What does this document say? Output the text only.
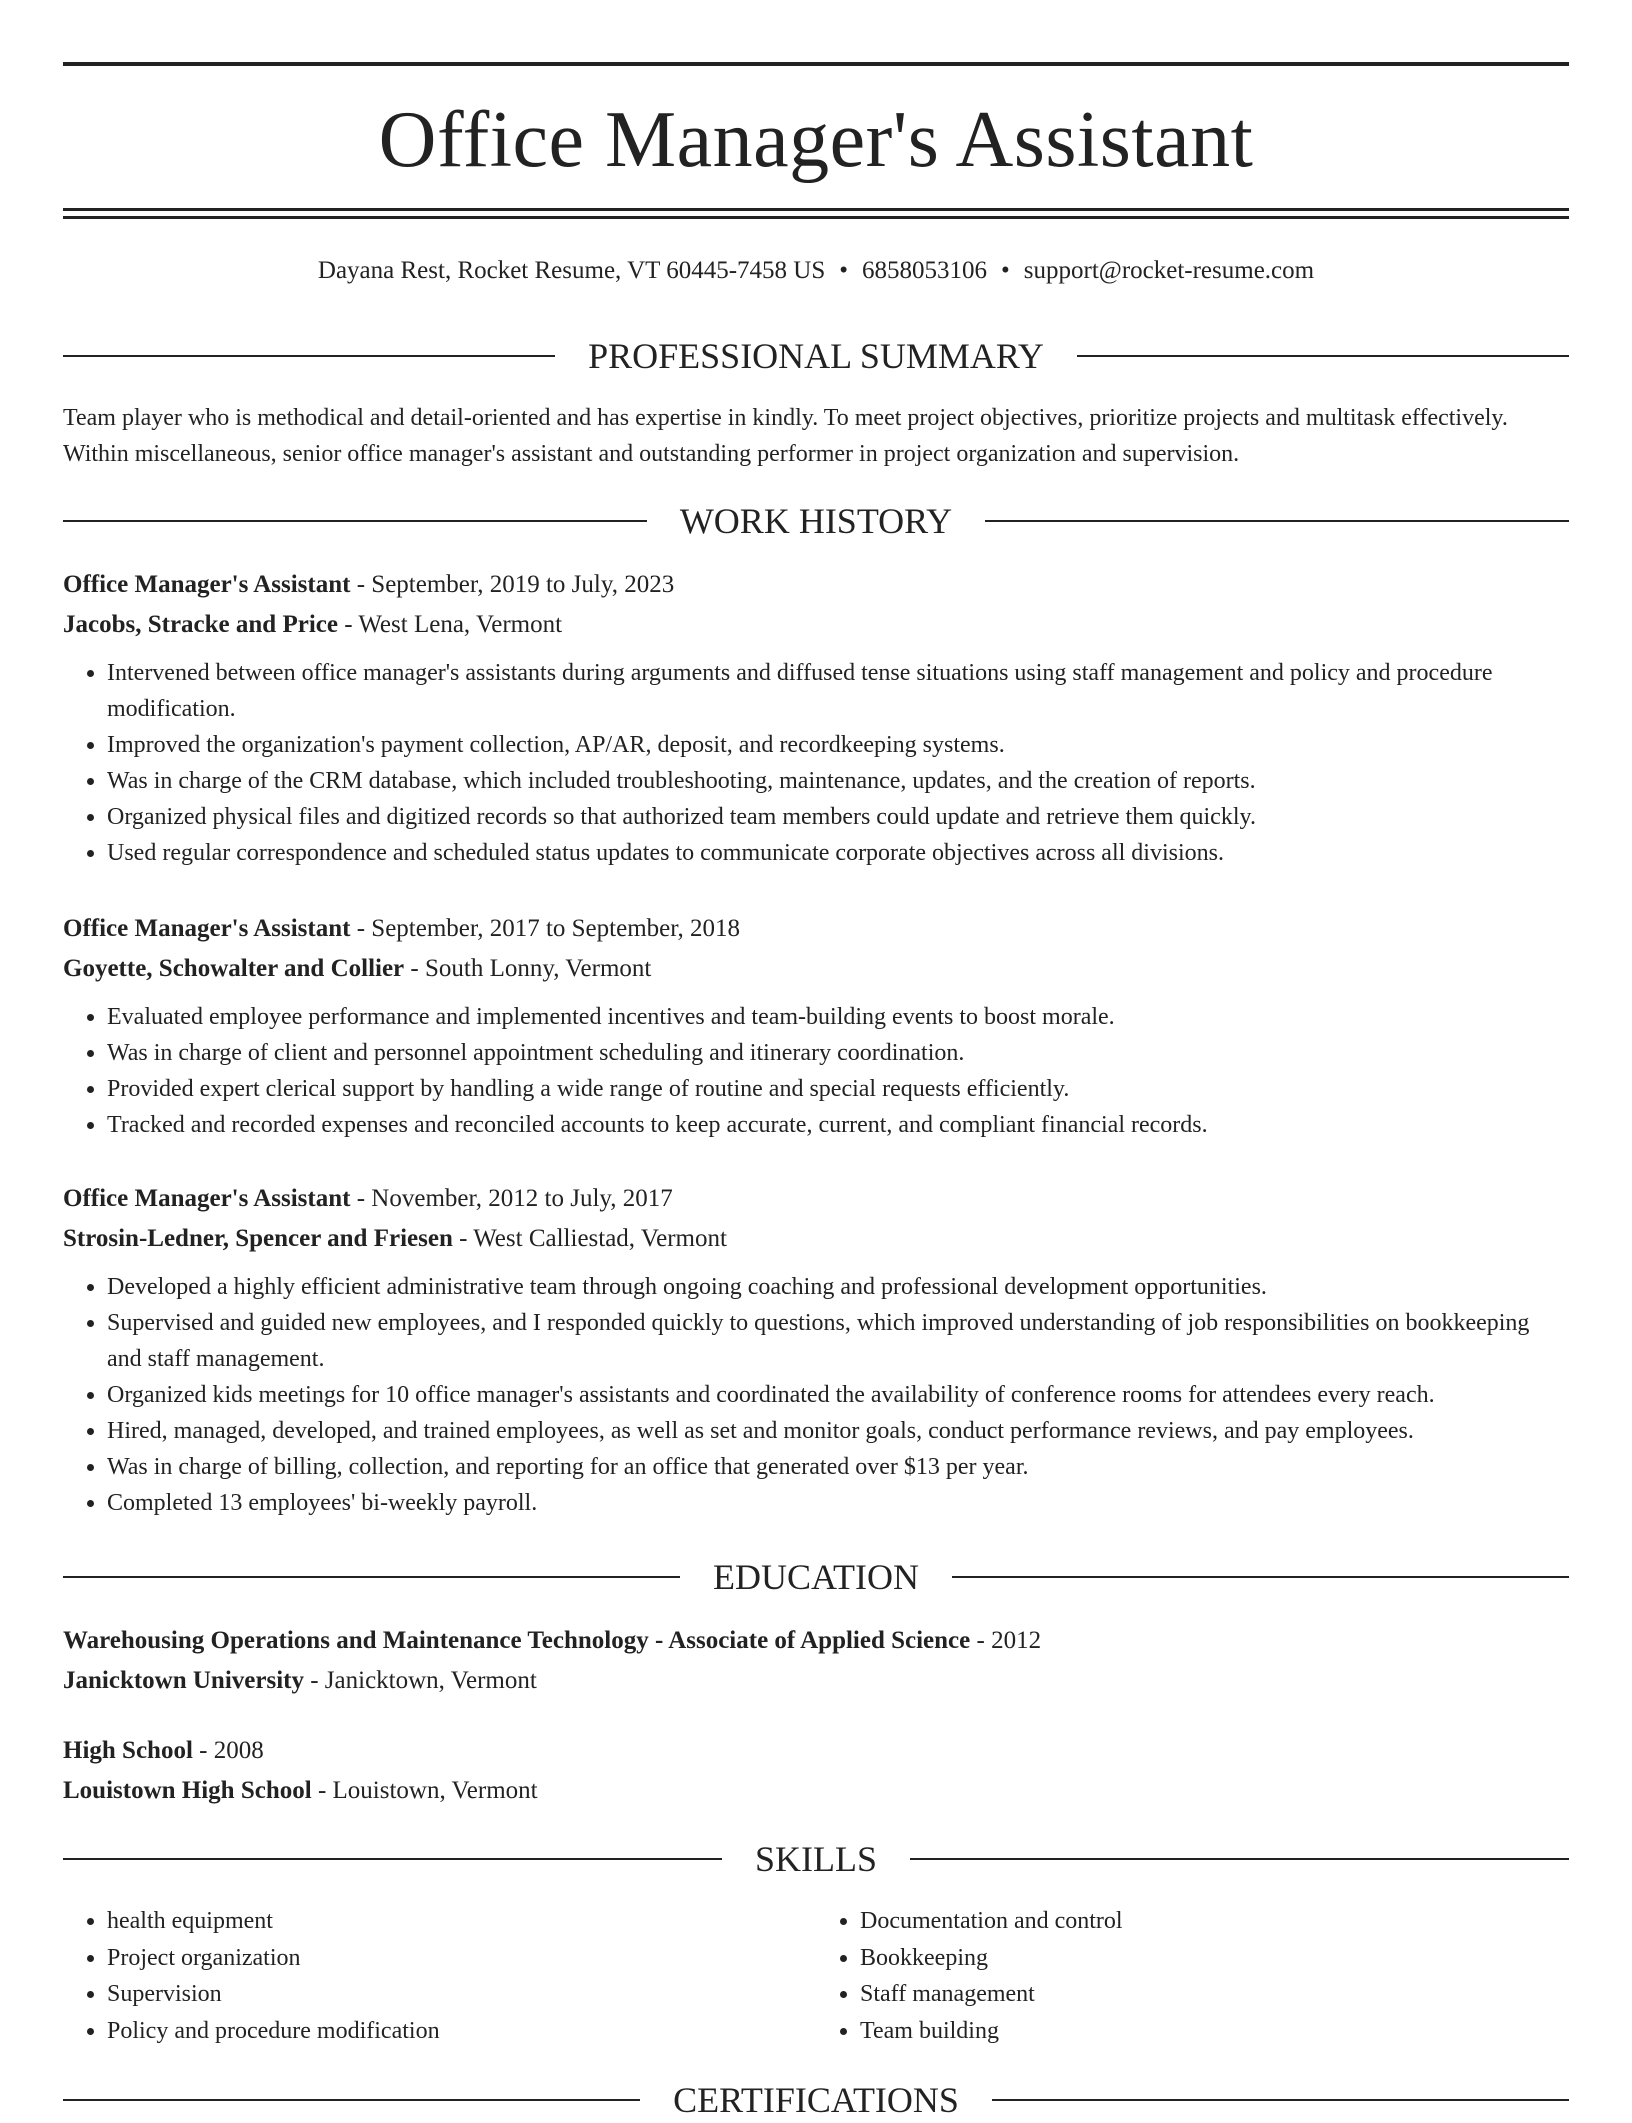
Office Manager's Assistant
Dayana Rest, Rocket Resume, VT 60445-7458 US • 6858053106 • support@rocket-resume.com
PROFESSIONAL SUMMARY
Team player who is methodical and detail-oriented and has expertise in kindly. To meet project objectives, prioritize projects and multitask effectively. Within miscellaneous, senior office manager's assistant and outstanding performer in project organization and supervision.
WORK HISTORY
Office Manager's Assistant - September, 2019 to July, 2023
Jacobs, Stracke and Price - West Lena, Vermont
• Intervened between office manager's assistants during arguments and diffused tense situations using staff management and policy and procedure modification.
• Improved the organization's payment collection, AP/AR, deposit, and recordkeeping systems.
• Was in charge of the CRM database, which included troubleshooting, maintenance, updates, and the creation of reports.
• Organized physical files and digitized records so that authorized team members could update and retrieve them quickly.
• Used regular correspondence and scheduled status updates to communicate corporate objectives across all divisions.
Office Manager's Assistant - September, 2017 to September, 2018
Goyette, Schowalter and Collier - South Lonny, Vermont
• Evaluated employee performance and implemented incentives and team-building events to boost morale.
• Was in charge of client and personnel appointment scheduling and itinerary coordination.
• Provided expert clerical support by handling a wide range of routine and special requests efficiently.
• Tracked and recorded expenses and reconciled accounts to keep accurate, current, and compliant financial records.
Office Manager's Assistant - November, 2012 to July, 2017
Strosin-Ledner, Spencer and Friesen - West Calliestad, Vermont
• Developed a highly efficient administrative team through ongoing coaching and professional development opportunities.
• Supervised and guided new employees, and I responded quickly to questions, which improved understanding of job responsibilities on bookkeeping and staff management.
• Organized kids meetings for 10 office manager's assistants and coordinated the availability of conference rooms for attendees every reach.
• Hired, managed, developed, and trained employees, as well as set and monitor goals, conduct performance reviews, and pay employees.
• Was in charge of billing, collection, and reporting for an office that generated over $13 per year.
• Completed 13 employees' bi-weekly payroll.
EDUCATION
Warehousing Operations and Maintenance Technology - Associate of Applied Science - 2012
Janicktown University - Janicktown, Vermont
High School - 2008
Louistown High School - Louistown, Vermont
SKILLS
• health equipment
• Project organization
• Supervision
• Policy and procedure modification
• Documentation and control
• Bookkeeping
• Staff management
• Team building
CERTIFICATIONS
